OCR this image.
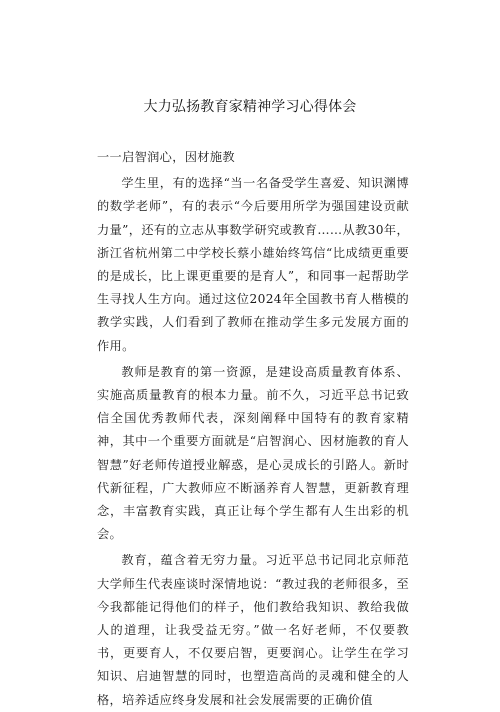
大力弘扬教育家精神学习心得体会

一一启智润心，因材施教

学生里，有的选择“当一名备受学生喜爱、知识渊博的数学老师”，有的表示“今后要用所学为强国建设贡献力量”，还有的立志从事数学研究或教育……从教30年，浙江省杭州第二中学校长蔡小雄始终笃信“比成绩更重要的是成长，比上课更重要的是育人”，和同事一起帮助学生寻找人生方向。通过这位2024年全国教书育人楷模的教学实践，人们看到了教师在推动学生多元发展方面的作用。

教师是教育的第一资源，是建设高质量教育体系、实施高质量教育的根本力量。前不久，习近平总书记致信全国优秀教师代表，深刻阐释中国特有的教育家精神，其中一个重要方面就是“启智润心、因材施教的育人智慧”好老师传道授业解惑，是心灵成长的引路人。新时代新征程，广大教师应不断涵养育人智慧，更新教育理念，丰富教育实践，真正让每个学生都有人生出彩的机会。

教育，蕴含着无穷力量。习近平总书记同北京师范大学师生代表座谈时深情地说：“教过我的老师很多，至今我都能记得他们的样子，他们教给我知识、教给我做人的道理，让我受益无穷。”做一名好老师，不仅要教书，更要育人，不仅要启智，更要润心。让学生在学习知识、启迪智慧的同时，也塑造高尚的灵魂和健全的人格，培养适应终身发展和社会发展需要的正确价值
